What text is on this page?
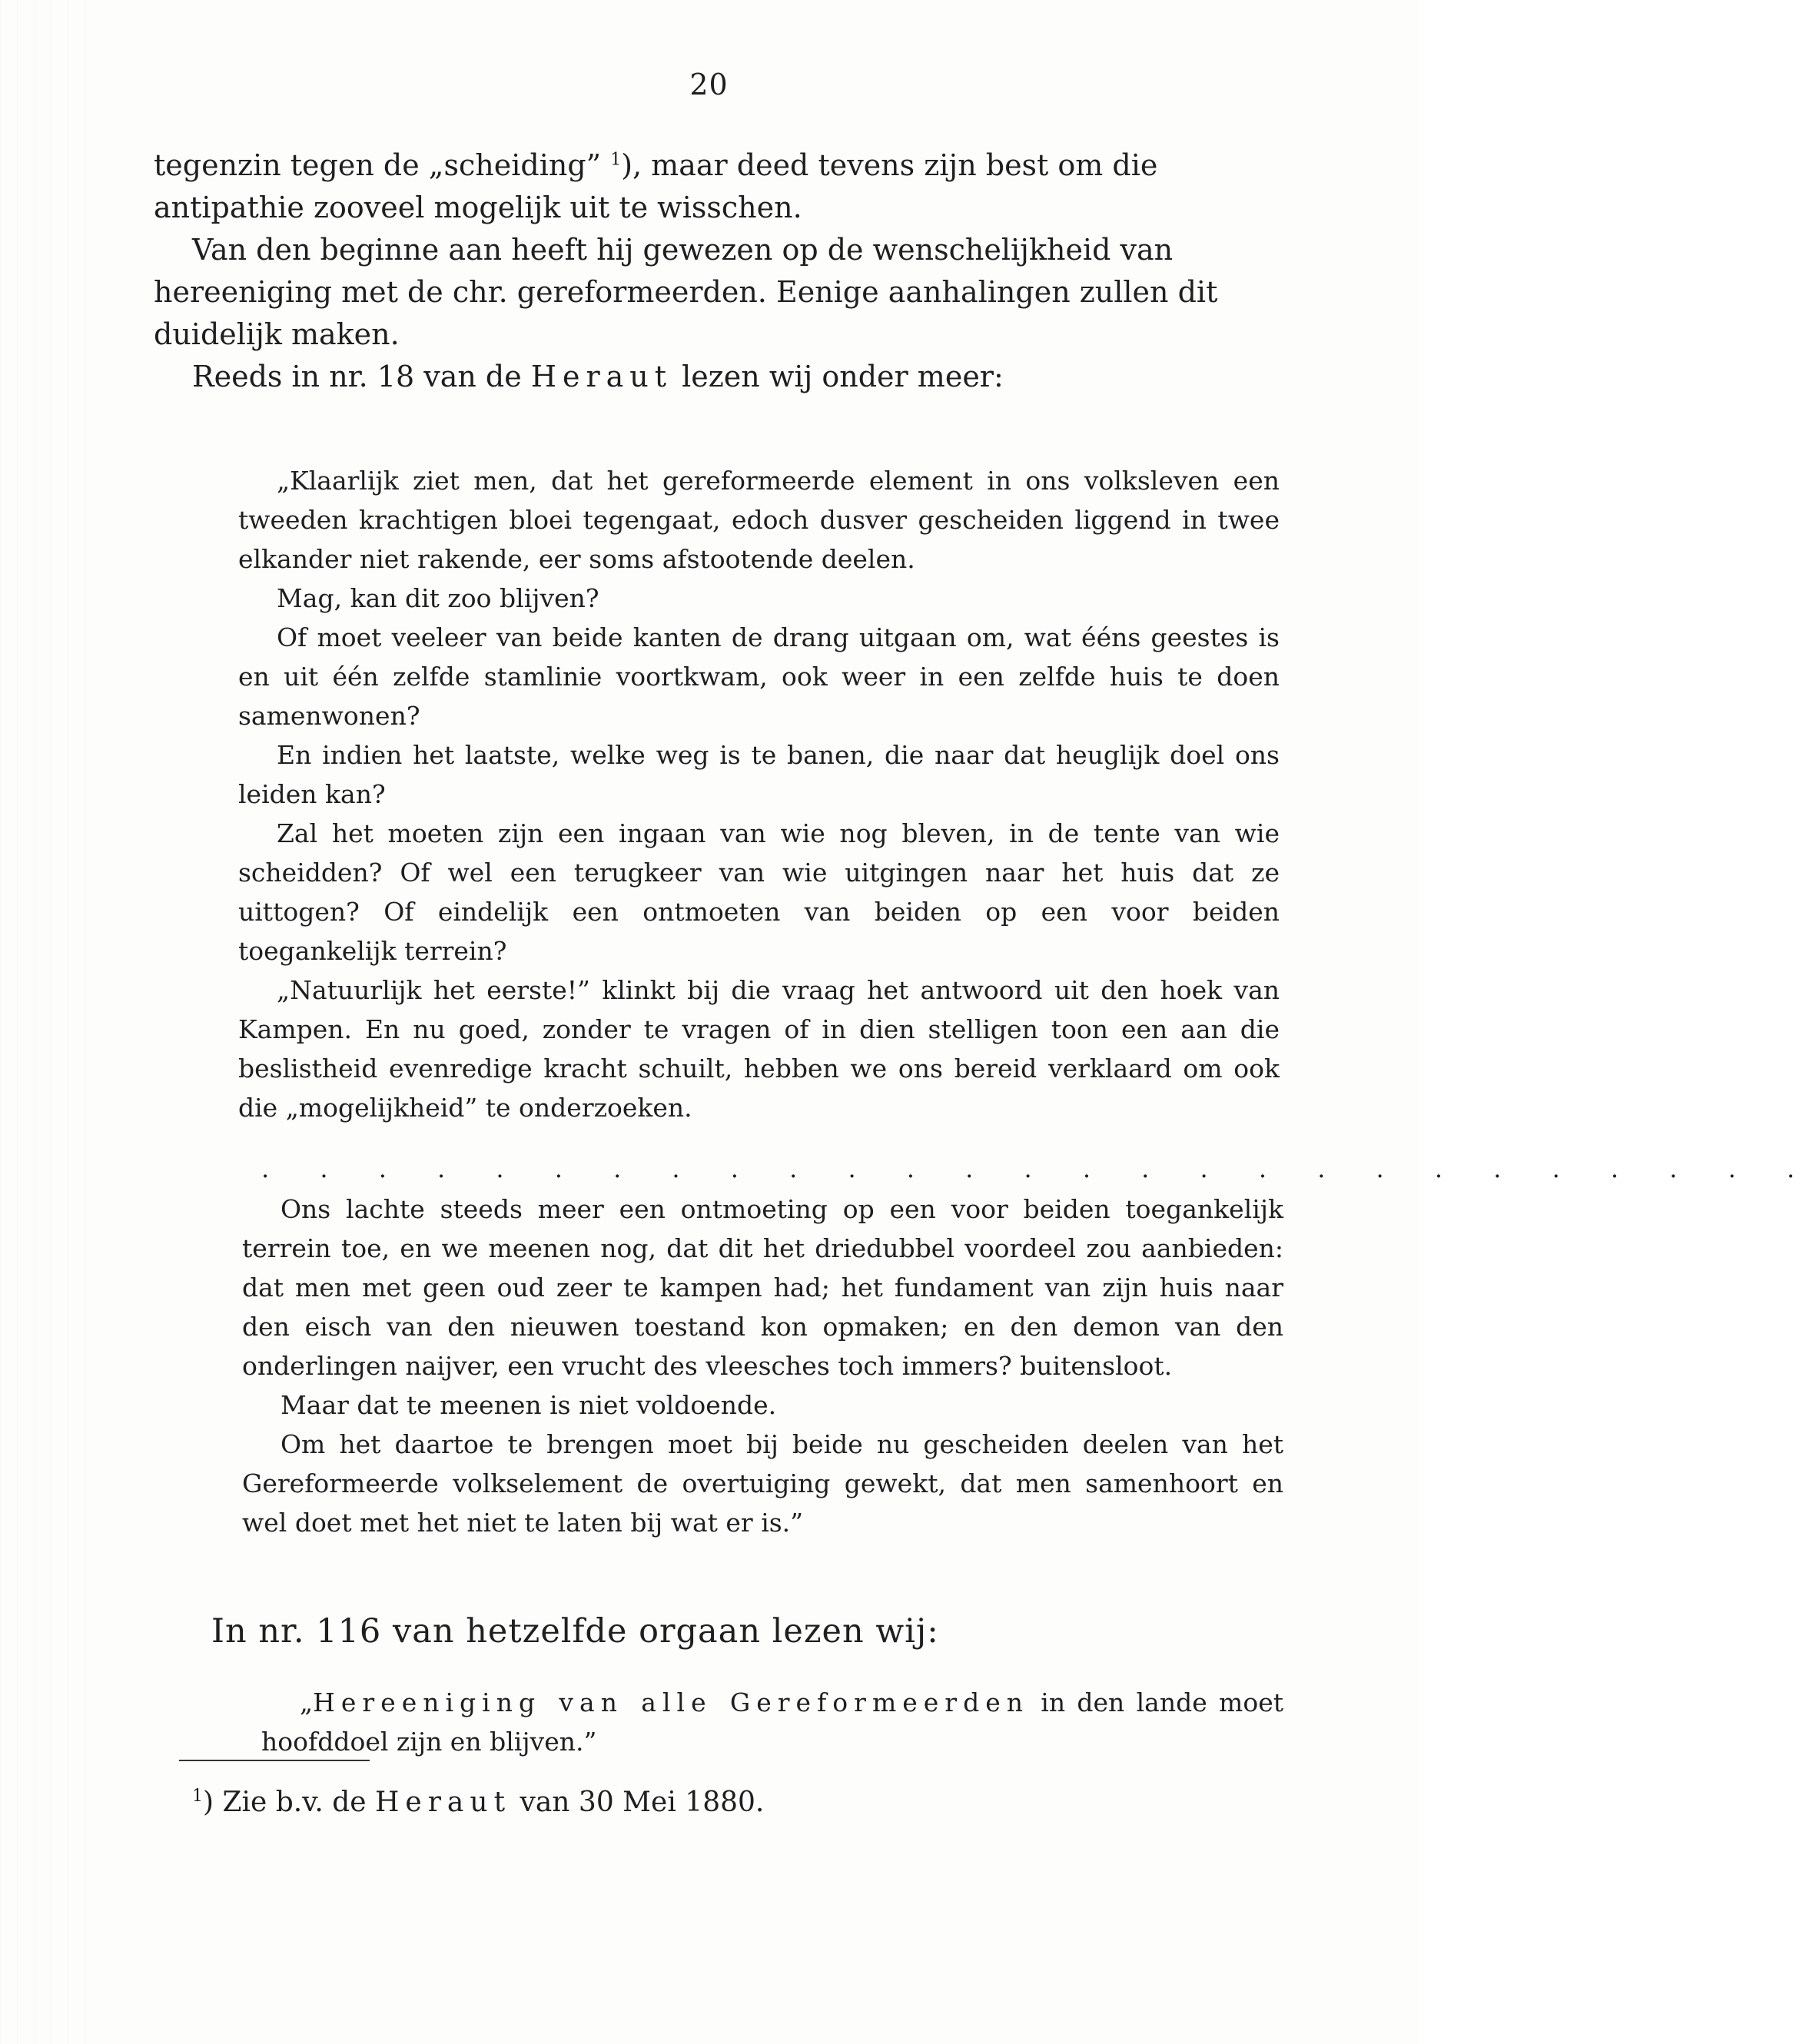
20

tegenzin tegen de „scheiding” $^1$), maar deed tevens zijn best om die

antipathie zooveel mogelijk uit te wisschen.

Van den beginne aan heeft hij gewezen op de wenschelijkheid van hereeniging met de chr. gereformeerden. Eenige aanhalingen zullen dit duidelijk maken.

Reeds in nr. 18 van de Heraut lezen wij onder meer:

„Klaarlijk ziet men, dat het gereformeerde element in ons volksleven een tweeden krachtigen bloei tegengaat, edoch dusver gescheiden liggend in twee elkander niet rakende, eer soms afstootende deelen.

Mag, kan dit zoo blijven?

Of moet veeleer van beide kanten de drang uitgaan om, wat ééns geestes is en uit één zelfde stamlinie voortkwam, ook weer in een zelfde huis te doen samenwonen?

En indien het laatste, welke weg is te banen, die naar dat heuglijk doel ons leiden kan?

Zal het moeten zijn een ingaan van wie nog bleven, in de tente van wie scheidden? Of wel een terugkeer van wie uitgingen naar het huis dat ze uittogen? Of eindelijk een ontmoeten van beiden op een voor beiden toegankelijk terrein?

„Natuurlijk het eerste!” klinkt bij die vraag het antwoord uit den hoek van Kampen. En nu goed, zonder te vragen of in dien stelligen toon een aan die beslistheid evenredige kracht schuilt, hebben we ons bereid verklaard om ook die „mogelijkheid” te onderzoeken.

. . . . . . . . . . . . . . . . . . . . . . . . . . .

Ons lachte steeds meer een ontmoeting op een voor beiden toegankelijk terrein toe, en we meenen nog, dat dit het driedubbel voordeel zou aanbieden: dat men met geen oud zeer te kampen had; het fundament van zijn huis naar den eisch van den nieuwen toestand kon opmaken; en den demon van den onderlingen naijver, een vrucht des vleesches toch immers? buitensloot.

Maar dat te meenen is niet voldoende.

Om het daartoe te brengen moet bij beide nu gescheiden deelen van het Gereformeerde volkselement de overtuiging gewekt, dat men samenhoort en wel doet met het niet te laten bij wat er is.”

In nr. 116 van hetzelfde orgaan lezen wij:

„Hereeniging van alle Gereformeerden in den lande moet hoofddoel zijn en blijven.”

$^1$) Zie b.v. de Heraut van 30 Mei 1880.
